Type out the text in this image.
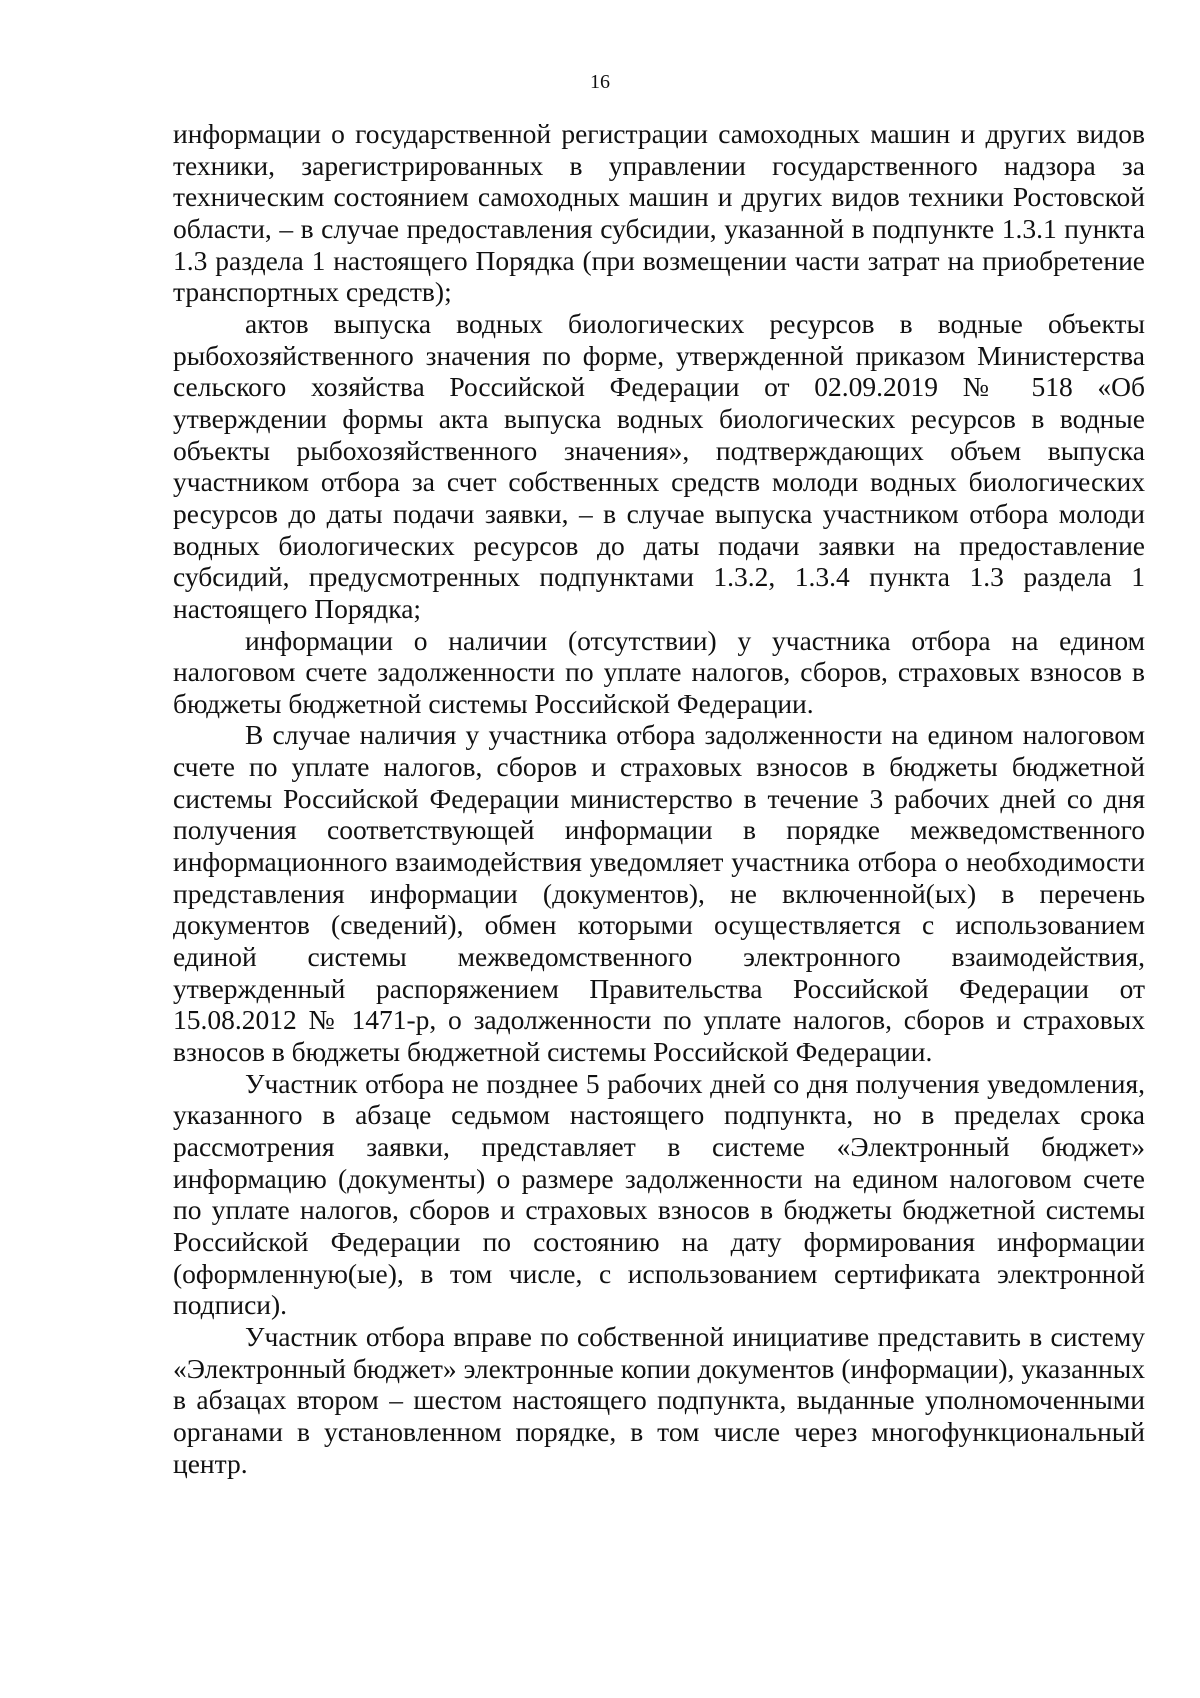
16

информации о государственной регистрации самоходных машин и других видов техники, зарегистрированных в управлении государственного надзора за техническим состоянием самоходных машин и других видов техники Ростовской области, – в случае предоставления субсидии, указанной в подпункте 1.3.1 пункта 1.3 раздела 1 настоящего Порядка (при возмещении части затрат на приобретение транспортных средств);

актов выпуска водных биологических ресурсов в водные объекты рыбохозяйственного значения по форме, утвержденной приказом Министерства сельского хозяйства Российской Федерации от 02.09.2019 № 518 «Об утверждении формы акта выпуска водных биологических ресурсов в водные объекты рыбохозяйственного значения», подтверждающих объем выпуска участником отбора за счет собственных средств молоди водных биологических ресурсов до даты подачи заявки, – в случае выпуска участником отбора молоди водных биологических ресурсов до даты подачи заявки на предоставление субсидий, предусмотренных подпунктами 1.3.2, 1.3.4 пункта 1.3 раздела 1 настоящего Порядка;

информации о наличии (отсутствии) у участника отбора на едином налоговом счете задолженности по уплате налогов, сборов, страховых взносов в бюджеты бюджетной системы Российской Федерации.

В случае наличия у участника отбора задолженности на едином налоговом счете по уплате налогов, сборов и страховых взносов в бюджеты бюджетной системы Российской Федерации министерство в течение 3 рабочих дней со дня получения соответствующей информации в порядке межведомственного информационного взаимодействия уведомляет участника отбора о необходимости представления информации (документов), не включенной(ых) в перечень документов (сведений), обмен которыми осуществляется с использованием единой системы межведомственного электронного взаимодействия, утвержденный распоряжением Правительства Российской Федерации от 15.08.2012 № 1471-р, о задолженности по уплате налогов, сборов и страховых взносов в бюджеты бюджетной системы Российской Федерации.

Участник отбора не позднее 5 рабочих дней со дня получения уведомления, указанного в абзаце седьмом настоящего подпункта, но в пределах срока рассмотрения заявки, представляет в системе «Электронный бюджет» информацию (документы) о размере задолженности на едином налоговом счете по уплате налогов, сборов и страховых взносов в бюджеты бюджетной системы Российской Федерации по состоянию на дату формирования информации (оформленную(ые), в том числе, с использованием сертификата электронной подписи).

Участник отбора вправе по собственной инициативе представить в систему «Электронный бюджет» электронные копии документов (информации), указанных в абзацах втором – шестом настоящего подпункта, выданные уполномоченными органами в установленном порядке, в том числе через многофункциональный центр.
